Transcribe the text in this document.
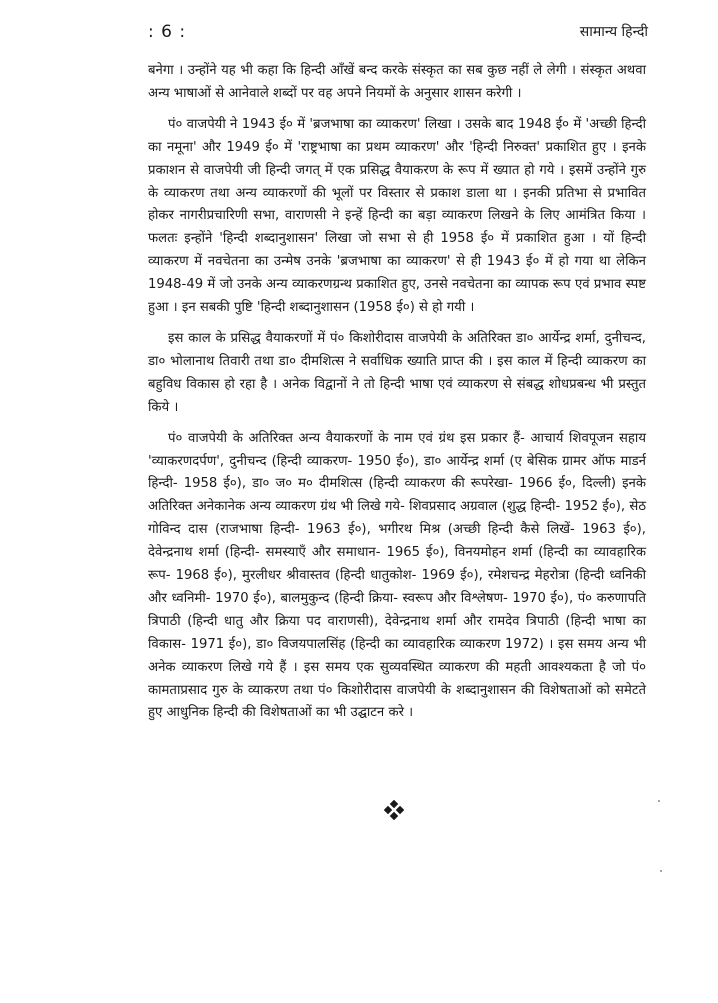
: 6 :	सामान्य हिन्दी

बनेगा । उन्होंने यह भी कहा कि हिन्दी आँखें बन्द करके संस्कृत का सब कुछ नहीं ले लेगी । संस्कृत अथवा अन्य भाषाओं से आनेवाले शब्दों पर वह अपने नियमों के अनुसार शासन करेगी ।

पं० वाजपेयी ने 1943 ई० में 'ब्रजभाषा का व्याकरण' लिखा । उसके बाद 1948 ई० में 'अच्छी हिन्दी का नमूना' और 1949 ई० में 'राष्ट्रभाषा का प्रथम व्याकरण' और 'हिन्दी निरुक्त' प्रकाशित हुए । इनके प्रकाशन से वाजपेयी जी हिन्दी जगत् में एक प्रसिद्ध वैयाकरण के रूप में ख्यात हो गये । इसमें उन्होंने गुरु के व्याकरण तथा अन्य व्याकरणों की भूलों पर विस्तार से प्रकाश डाला था । इनकी प्रतिभा से प्रभावित होकर नागरीप्रचारिणी सभा, वाराणसी ने इन्हें हिन्दी का बड़ा व्याकरण लिखने के लिए आमंत्रित किया । फलतः इन्होंने 'हिन्दी शब्दानुशासन' लिखा जो सभा से ही 1958 ई० में प्रकाशित हुआ । यों हिन्दी व्याकरण में नवचेतना का उन्मेष उनके 'ब्रजभाषा का व्याकरण' से ही 1943 ई० में हो गया था लेकिन 1948-49 में जो उनके अन्य व्याकरणग्रन्थ प्रकाशित हुए, उनसे नवचेतना का व्यापक रूप एवं प्रभाव स्पष्ट हुआ । इन सबकी पुष्टि 'हिन्दी शब्दानुशासन (1958 ई०) से हो गयी ।

इस काल के प्रसिद्ध वैयाकरणों में पं० किशोरीदास वाजपेयी के अतिरिक्त डा० आर्येन्द्र शर्मा, दुनीचन्द, डा० भोलानाथ तिवारी तथा डा० दीमशित्स ने सर्वाधिक ख्याति प्राप्त की । इस काल में हिन्दी व्याकरण का बहुविध विकास हो रहा है । अनेक विद्वानों ने तो हिन्दी भाषा एवं व्याकरण से संबद्ध शोधप्रबन्ध भी प्रस्तुत किये ।

पं० वाजपेयी के अतिरिक्त अन्य वैयाकरणों के नाम एवं ग्रंथ इस प्रकार हैं- आचार्य शिवपूजन सहाय 'व्याकरणदर्पण', दुनीचन्द (हिन्दी व्याकरण- 1950 ई०), डा० आर्येन्द्र शर्मा (ए बेसिक ग्रामर ऑफ माडर्न हिन्दी- 1958 ई०), डा० ज० म० दीमशित्स (हिन्दी व्याकरण की रूपरेखा- 1966 ई०, दिल्ली) इनके अतिरिक्त अनेकानेक अन्य व्याकरण ग्रंथ भी लिखे गये- शिवप्रसाद अग्रवाल (शुद्ध हिन्दी- 1952 ई०), सेठ गोविन्द दास (राजभाषा हिन्दी- 1963 ई०), भगीरथ मिश्र (अच्छी हिन्दी कैसे लिखें- 1963 ई०), देवेन्द्रनाथ शर्मा (हिन्दी- समस्याएँ और समाधान- 1965 ई०), विनयमोहन शर्मा (हिन्दी का व्यावहारिक रूप- 1968 ई०), मुरलीधर श्रीवास्तव (हिन्दी धातुकोश- 1969 ई०), रमेशचन्द्र मेहरोत्रा (हिन्दी ध्वनिकी और ध्वनिमी- 1970 ई०), बालमुकुन्द (हिन्दी क्रिया- स्वरूप और विश्लेषण- 1970 ई०), पं० करुणापति त्रिपाठी (हिन्दी धातु और क्रिया पद वाराणसी), देवेन्द्रनाथ शर्मा और रामदेव त्रिपाठी (हिन्दी भाषा का विकास- 1971 ई०), डा० विजयपालसिंह (हिन्दी का व्यावहारिक व्याकरण 1972) । इस समय अन्य भी अनेक व्याकरण लिखे गये हैं । इस समय एक सुव्यवस्थित व्याकरण की महती आवश्यकता है जो पं० कामताप्रसाद गुरु के व्याकरण तथा पं० किशोरीदास वाजपेयी के शब्दानुशासन की विशेषताओं को समेटते हुए आधुनिक हिन्दी की विशेषताओं का भी उद्घाटन करे ।
